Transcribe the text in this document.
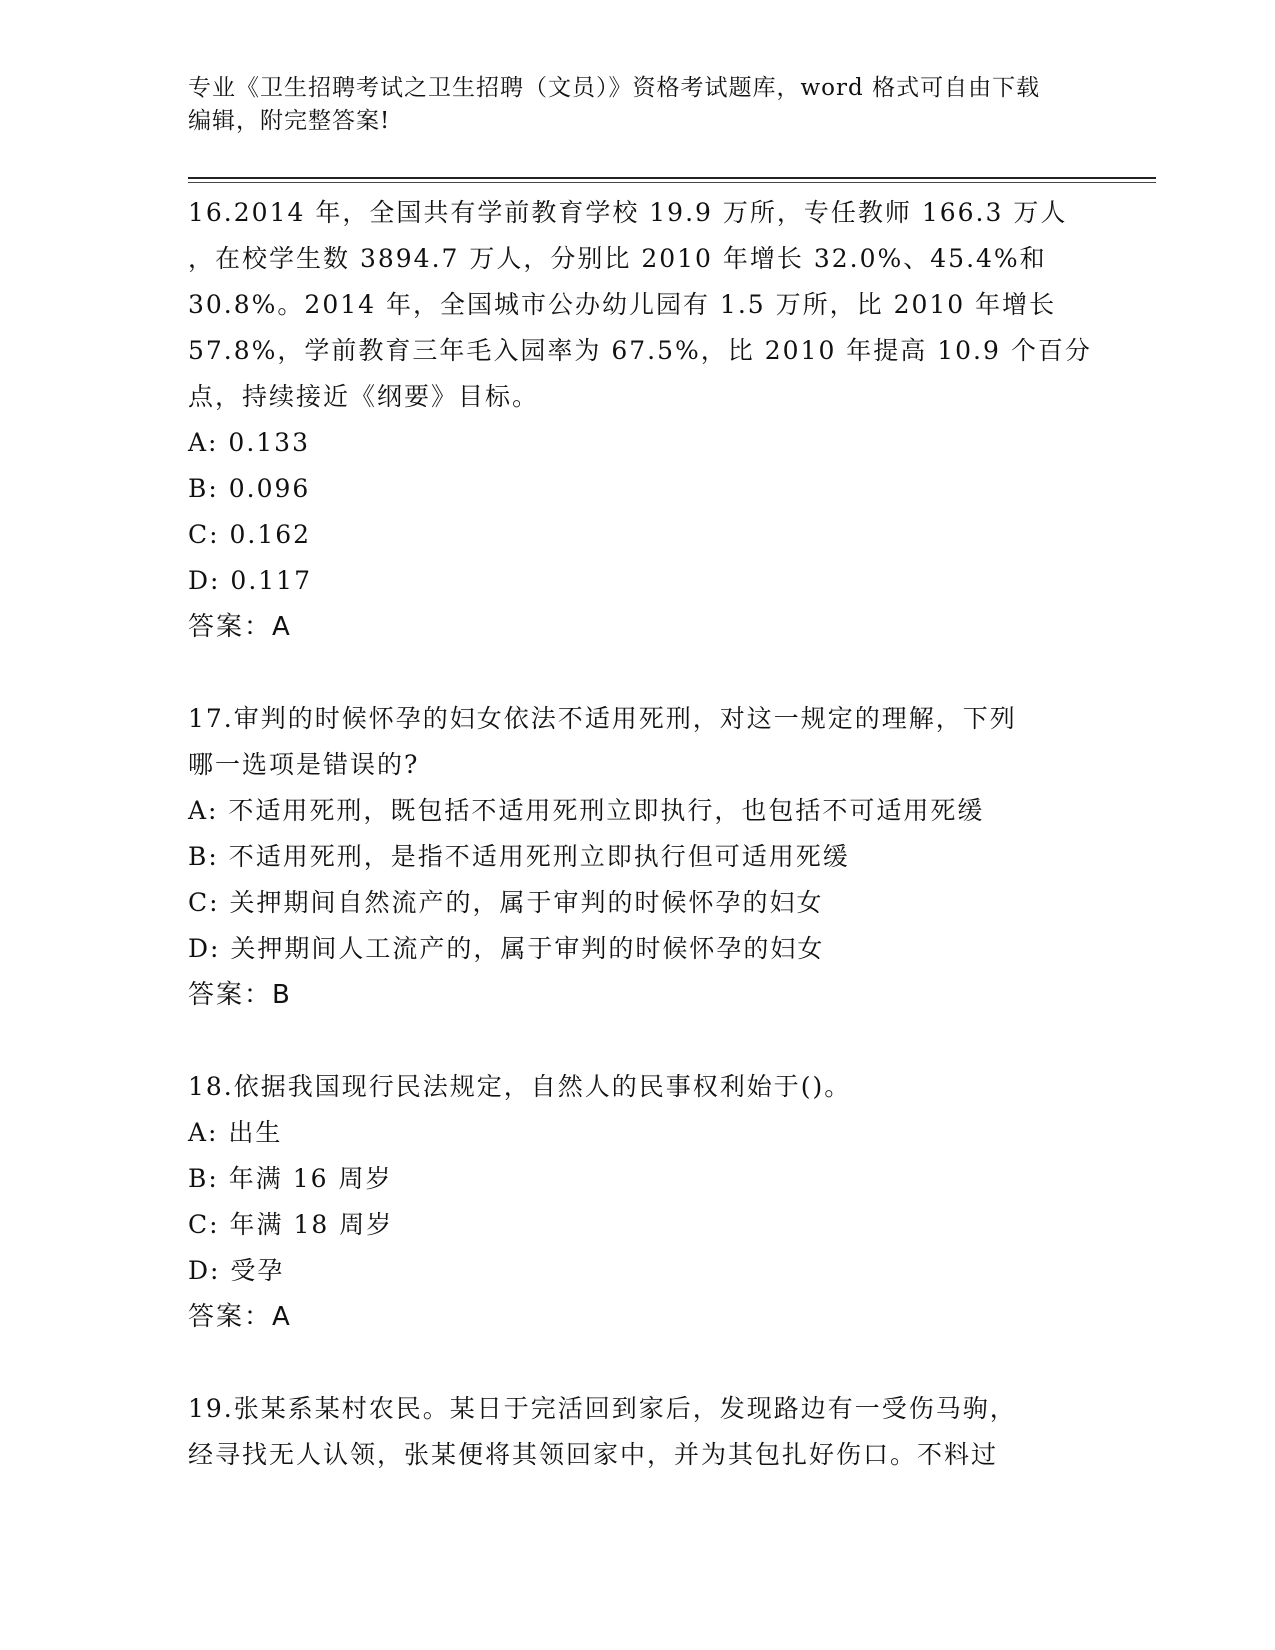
专业《卫生招聘考试之卫生招聘（文员）》资格考试题库，word 格式可自由下载
编辑，附完整答案!

16.2014 年，全国共有学前教育学校 19.9 万所，专任教师 166.3 万人

，在校学生数 3894.7 万人，分别比 2010 年增长 32.0%、45.4%和

30.8%。2014 年，全国城市公办幼儿园有 1.5 万所，比 2010 年增长

57.8%，学前教育三年毛入园率为 67.5%，比 2010 年提高 10.9 个百分

点，持续接近《纲要》目标。

A: 0.133

B: 0.096

C: 0.162

D: 0.117

答案：A

17.审判的时候怀孕的妇女依法不适用死刑，对这一规定的理解，下列

哪一选项是错误的?

A: 不适用死刑，既包括不适用死刑立即执行，也包括不可适用死缓

B: 不适用死刑，是指不适用死刑立即执行但可适用死缓

C: 关押期间自然流产的，属于审判的时候怀孕的妇女

D: 关押期间人工流产的，属于审判的时候怀孕的妇女

答案：B

18.依据我国现行民法规定，自然人的民事权利始于()。

A: 出生

B: 年满 16 周岁

C: 年满 18 周岁

D: 受孕

答案：A

19.张某系某村农民。某日于完活回到家后，发现路边有一受伤马驹，

经寻找无人认领，张某便将其领回家中，并为其包扎好伤口。不料过
